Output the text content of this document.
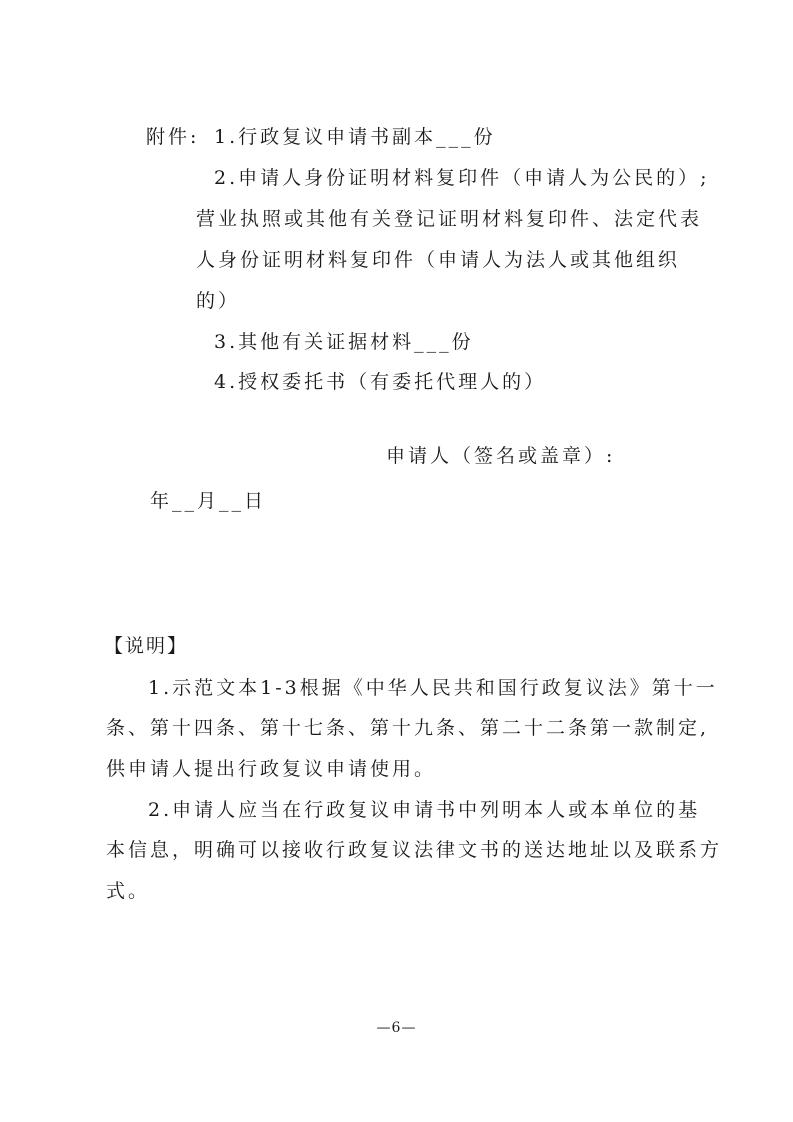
附件: 1.行政复议申请书副本___份
2.申请人身份证明材料复印件（申请人为公民的）;
营业执照或其他有关登记证明材料复印件、法定代表
人身份证明材料复印件（申请人为法人或其他组织
的）
3.其他有关证据材料___份
4.授权委托书（有委托代理人的）
申请人（签名或盖章）:
年__月__日
【说明】
1.示范文本1-3根据《中华人民共和国行政复议法》第十一
条、第十四条、第十七条、第十九条、第二十二条第一款制定,
供申请人提出行政复议申请使用。
2.申请人应当在行政复议申请书中列明本人或本单位的基
本信息，明确可以接收行政复议法律文书的送达地址以及联系方
式。
—6—
